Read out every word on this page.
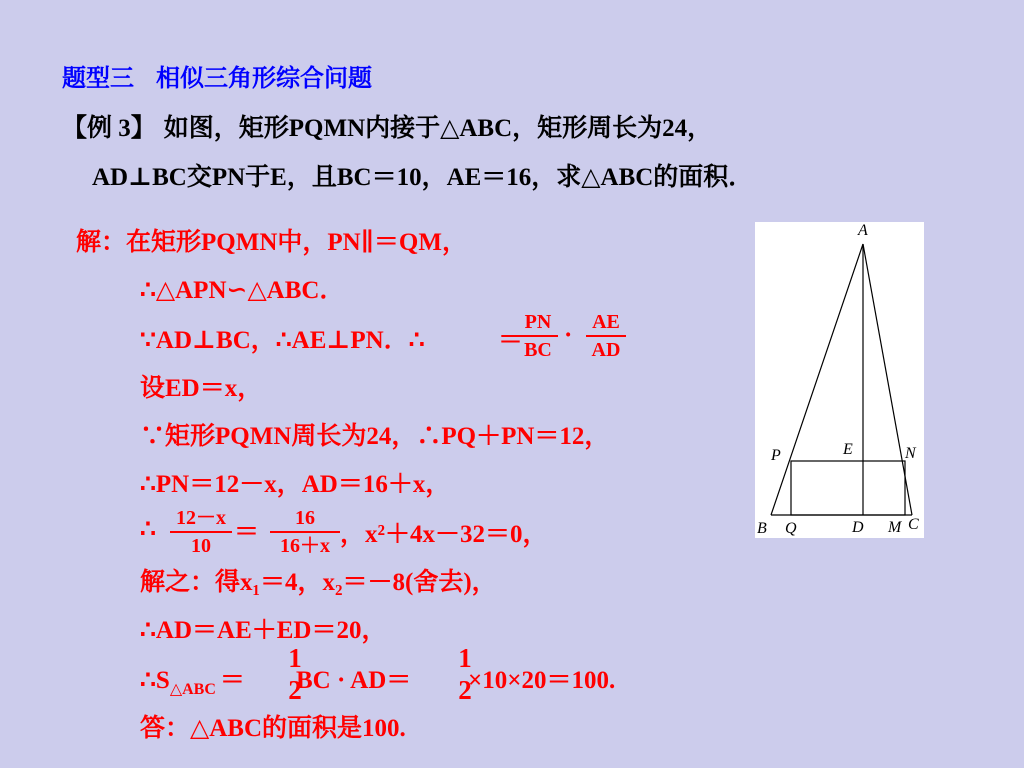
题型三 相似三角形综合问题
【例 3】 如图，矩形PQMN内接于△ABC，矩形周长为24，
AD⊥BC交PN于E，且BC＝10，AE＝16，求△ABC的面积．
解：在矩形PQMN中，PN∥＝QM，
∴△APN∽△ABC．
∵AD⊥BC，∴AE⊥PN．∴	＝
PN
BC
· AE
AD
设ED＝x，
∵矩形PQMN周长为24，∴PQ＋PN＝12，
∴PN＝12－x，AD＝16＋x，
∴	12－x
10 ＝
16
16＋x ，x²＋4x－32＝0，
解之：得x₁＝4，x₂＝－8(舍去)，
∴AD＝AE＋ED＝20，
$\therefore S_{\triangle ABC}$ ＝
1
2
BC · AD＝
1
2
×10×20＝100.
答：△ABC的面积是100.
A
B	C
D
E
M
N
P
Q
